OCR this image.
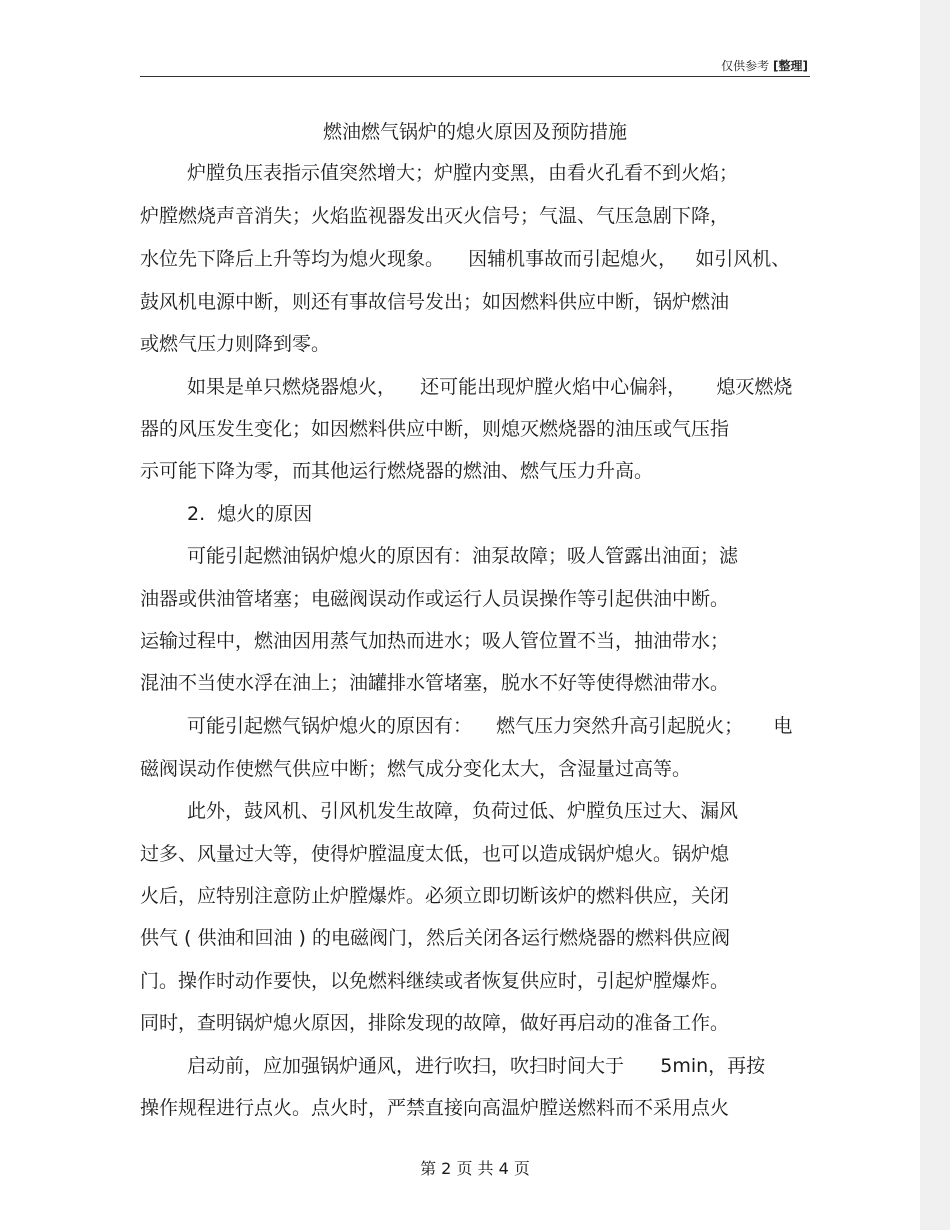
仅供参考 [整理]
燃油燃气锅炉的熄火原因及预防措施
炉膛负压表指示值突然增大；炉膛内变黑，由看火孔看不到火焰；
炉膛燃烧声音消失；火焰监视器发出灭火信号；气温、气压急剧下降，
水位先下降后上升等均为熄火现象。    因辅机事故而引起熄火，   如引风机、
鼓风机电源中断，则还有事故信号发出；如因燃料供应中断，锅炉燃油
或燃气压力则降到零。
如果是单只燃烧器熄火，    还可能出现炉膛火焰中心偏斜，     熄灭燃烧
器的风压发生变化；如因燃料供应中断，则熄灭燃烧器的油压或气压指
示可能下降为零，而其他运行燃烧器的燃油、燃气压力升高。
2.  熄火的原因
可能引起燃油锅炉熄火的原因有：油泵故障；吸人管露出油面；滤
油器或供油管堵塞；电磁阀误动作或运行人员误操作等引起供油中断。
运输过程中，燃油因用蒸气加热而进水；吸人管位置不当，抽油带水；
混油不当使水浮在油上；油罐排水管堵塞，脱水不好等使得燃油带水。
可能引起燃气锅炉熄火的原因有：    燃气压力突然升高引起脱火；     电
磁阀误动作使燃气供应中断；燃气成分变化太大，含湿量过高等。
此外，鼓风机、引风机发生故障，负荷过低、炉膛负压过大、漏风
过多、风量过大等，使得炉膛温度太低，也可以造成锅炉熄火。锅炉熄
火后，应特别注意防止炉膛爆炸。必须立即切断该炉的燃料供应，关闭
供气 ( 供油和回油 ) 的电磁阀门，然后关闭各运行燃烧器的燃料供应阀
门。操作时动作要快，以免燃料继续或者恢复供应时，引起炉膛爆炸。
同时，查明锅炉熄火原因，排除发现的故障，做好再启动的准备工作。
启动前，应加强锅炉通风，进行吹扫，吹扫时间大于      5min，再按
操作规程进行点火。点火时，严禁直接向高温炉膛送燃料而不采用点火
第 2 页 共 4 页
